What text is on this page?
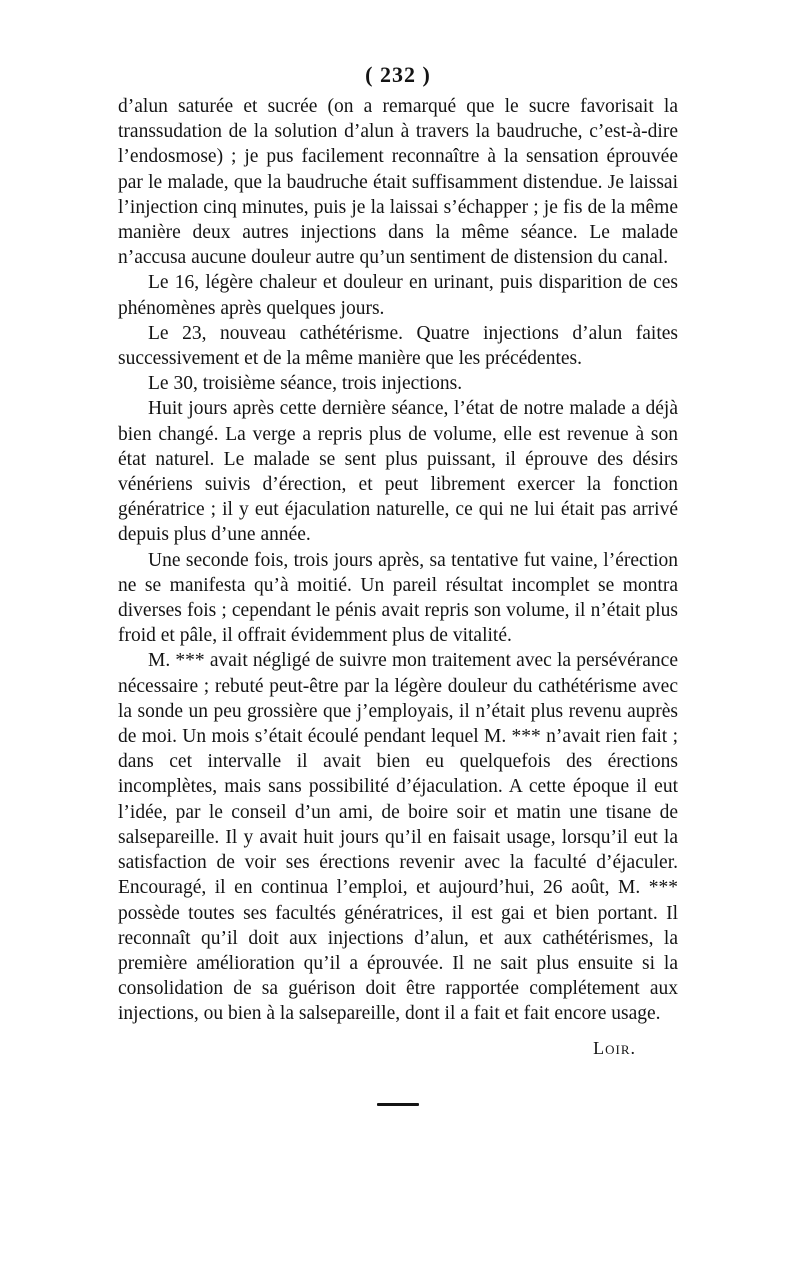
( 232 )

d’alun saturée et sucrée (on a remarqué que le sucre favorisait la transsudation de la solution d’alun à travers la baudruche, c’est-à-dire l’endosmose) ; je pus facilement reconnaître à la sensation éprouvée par le malade, que la baudruche était suffisamment distendue. Je laissai l’injection cinq minutes, puis je la laissai s’échapper ; je fis de la même manière deux autres injections dans la même séance. Le malade n’accusa aucune douleur autre qu’un sentiment de distension du canal.

Le 16, légère chaleur et douleur en urinant, puis disparition de ces phénomènes après quelques jours.

Le 23, nouveau cathétérisme. Quatre injections d’alun faites successivement et de la même manière que les précédentes.

Le 30, troisième séance, trois injections.

Huit jours après cette dernière séance, l’état de notre malade a déjà bien changé. La verge a repris plus de volume, elle est revenue à son état naturel. Le malade se sent plus puissant, il éprouve des désirs vénériens suivis d’érection, et peut librement exercer la fonction génératrice ; il y eut éjaculation naturelle, ce qui ne lui était pas arrivé depuis plus d’une année.

Une seconde fois, trois jours après, sa tentative fut vaine, l’érection ne se manifesta qu’à moitié. Un pareil résultat incomplet se montra diverses fois ; cependant le pénis avait repris son volume, il n’était plus froid et pâle, il offrait évidemment plus de vitalité.

M. *** avait négligé de suivre mon traitement avec la persévérance nécessaire ; rebuté peut-être par la légère douleur du cathétérisme avec la sonde un peu grossière que j’employais, il n’était plus revenu auprès de moi. Un mois s’était écoulé pendant lequel M. *** n’avait rien fait ; dans cet intervalle il avait bien eu quelquefois des érections incomplètes, mais sans possibilité d’éjaculation. A cette époque il eut l’idée, par le conseil d’un ami, de boire soir et matin une tisane de salsepareille. Il y avait huit jours qu’il en faisait usage, lorsqu’il eut la satisfaction de voir ses érections revenir avec la faculté d’éjaculer. Encouragé, il en continua l’emploi, et aujourd’hui, 26 août, M. *** possède toutes ses facultés génératrices, il est gai et bien portant. Il reconnaît qu’il doit aux injections d’alun, et aux cathétérismes, la première amélioration qu’il a éprouvée. Il ne sait plus ensuite si la consolidation de sa guérison doit être rapportée complétement aux injections, ou bien à la salsepareille, dont il a fait et fait encore usage.

Loir.
